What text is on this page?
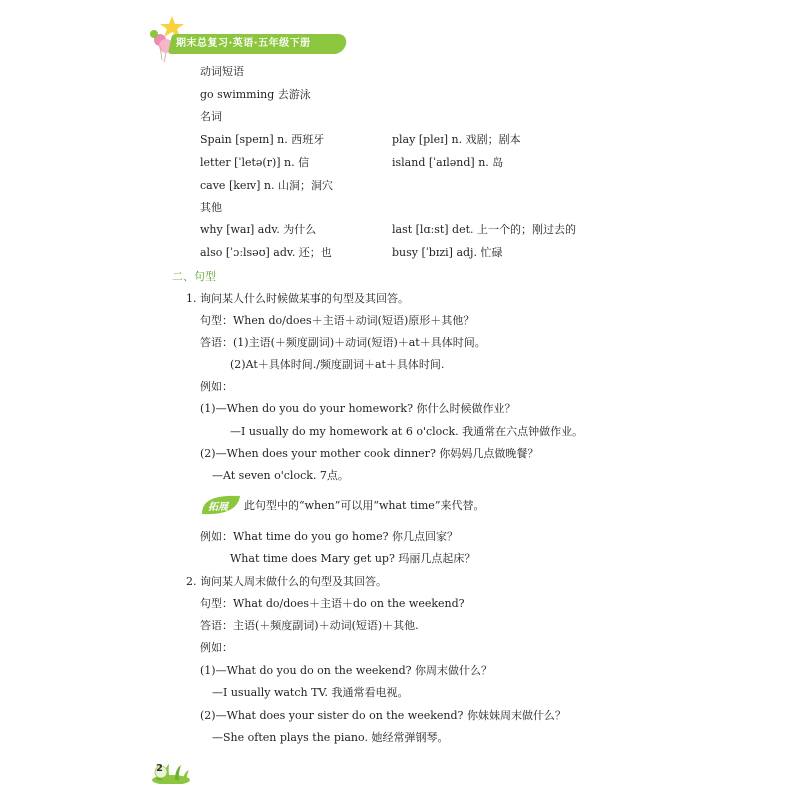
期末总复习·英语·五年级下册
动词短语
go swimming 去游泳
名词
Spain [speɪn] n. 西班牙	play [pleɪ] n. 戏剧；剧本
letter [ˈletə(r)] n. 信	island [ˈaɪlənd] n. 岛
cave [keɪv] n. 山洞；洞穴
其他
why [waɪ] adv. 为什么	last [lɑːst] det. 上一个的；刚过去的
also [ˈɔːlsəʊ] adv. 还；也	busy [ˈbɪzi] adj. 忙碌
二、句型
1. 询问某人什么时候做某事的句型及其回答。
句型：When do/does＋主语＋动词(短语)原形＋其他？
答语：(1)主语(＋频度副词)＋动词(短语)＋at＋具体时间。
(2)At＋具体时间./频度副词＋at＋具体时间.
例如：
(1)—When do you do your homework? 你什么时候做作业？
—I usually do my homework at 6 o'clock. 我通常在六点钟做作业。
(2)—When does your mother cook dinner? 你妈妈几点做晚餐？
—At seven o'clock. 7点。
拓展 此句型中的“when”可以用“what time”来代替。
例如：What time do you go home? 你几点回家？
What time does Mary get up? 玛丽几点起床？
2. 询问某人周末做什么的句型及其回答。
句型：What do/does＋主语＋do on the weekend?
答语：主语(＋频度副词)＋动词(短语)＋其他.
例如：
(1)—What do you do on the weekend? 你周末做什么？
—I usually watch TV. 我通常看电视。
(2)—What does your sister do on the weekend? 你妹妹周末做什么？
—She often plays the piano. 她经常弹钢琴。
2
